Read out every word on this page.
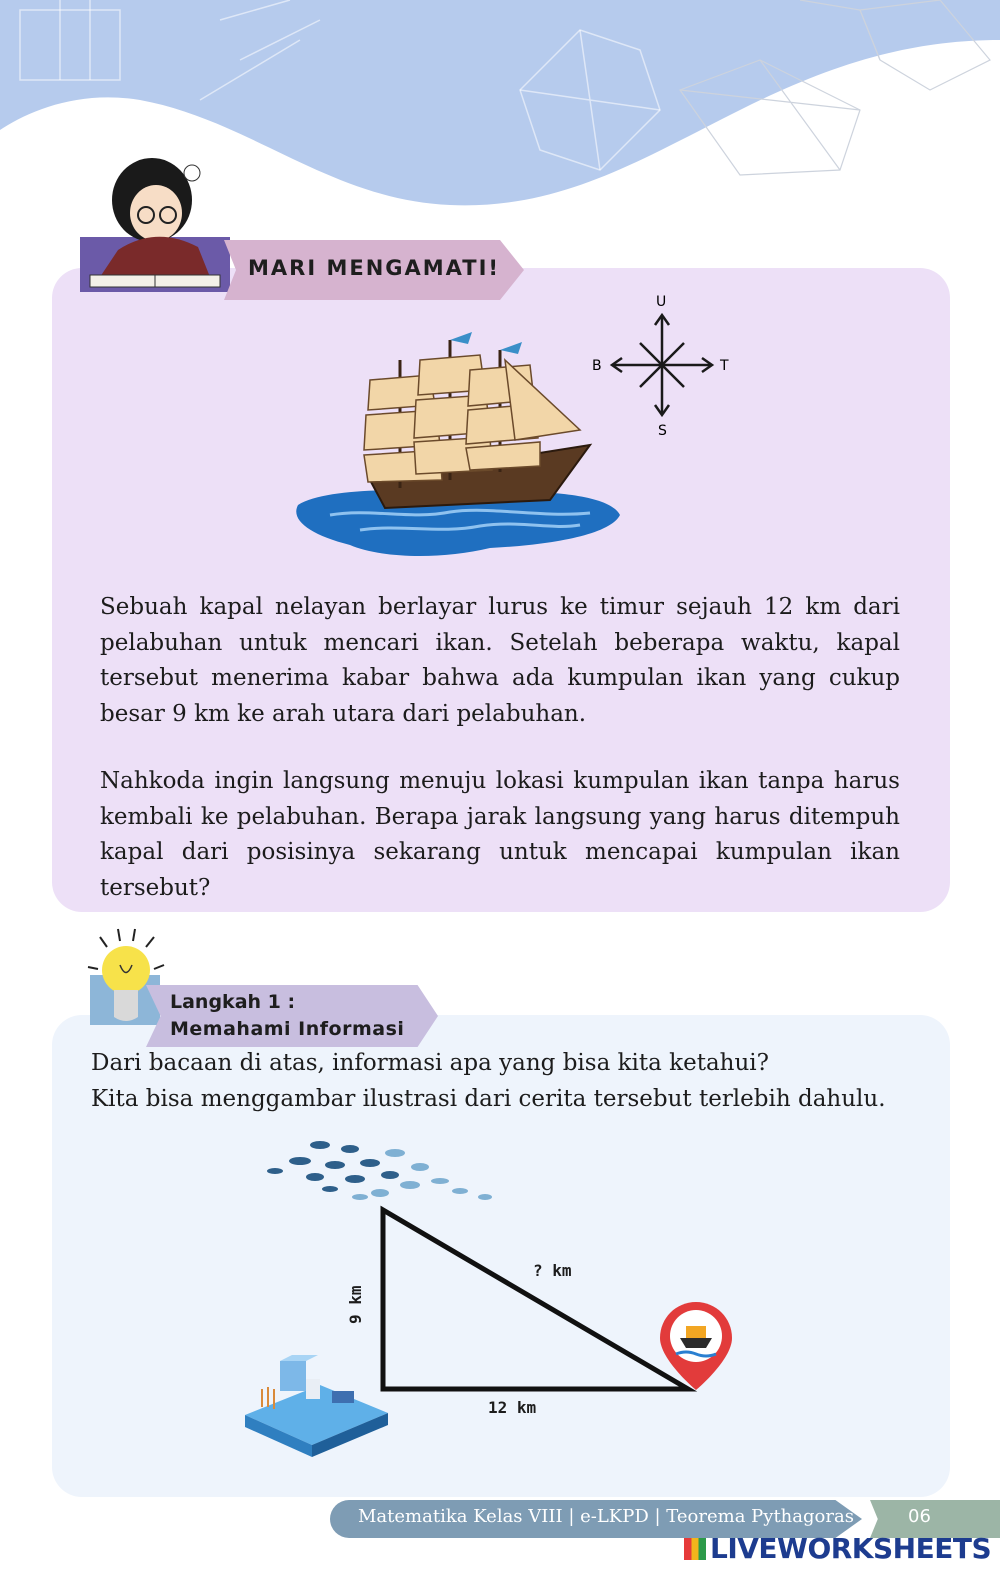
MARI MENGAMATI!
U
S
B	T

Sebuah kapal nelayan berlayar lurus ke timur sejauh 12 km dari pelabuhan untuk mencari ikan. Setelah beberapa waktu, kapal tersebut menerima kabar bahwa ada kumpulan ikan yang cukup besar 9 km ke arah utara dari pelabuhan.

Nahkoda ingin langsung menuju lokasi kumpulan ikan tanpa harus kembali ke pelabuhan. Berapa jarak langsung yang harus ditempuh kapal dari posisinya sekarang untuk mencapai kumpulan ikan tersebut?

Langkah 1 :
Memahami Informasi
Dari bacaan di atas, informasi apa yang bisa kita ketahui?
Kita bisa menggambar ilustrasi dari cerita tersebut terlebih dahulu.
9 km
? km
12 km
Matematika Kelas VIII | e-LKPD | Teorema Pythagoras	06
LIVEWORKSHEETS
